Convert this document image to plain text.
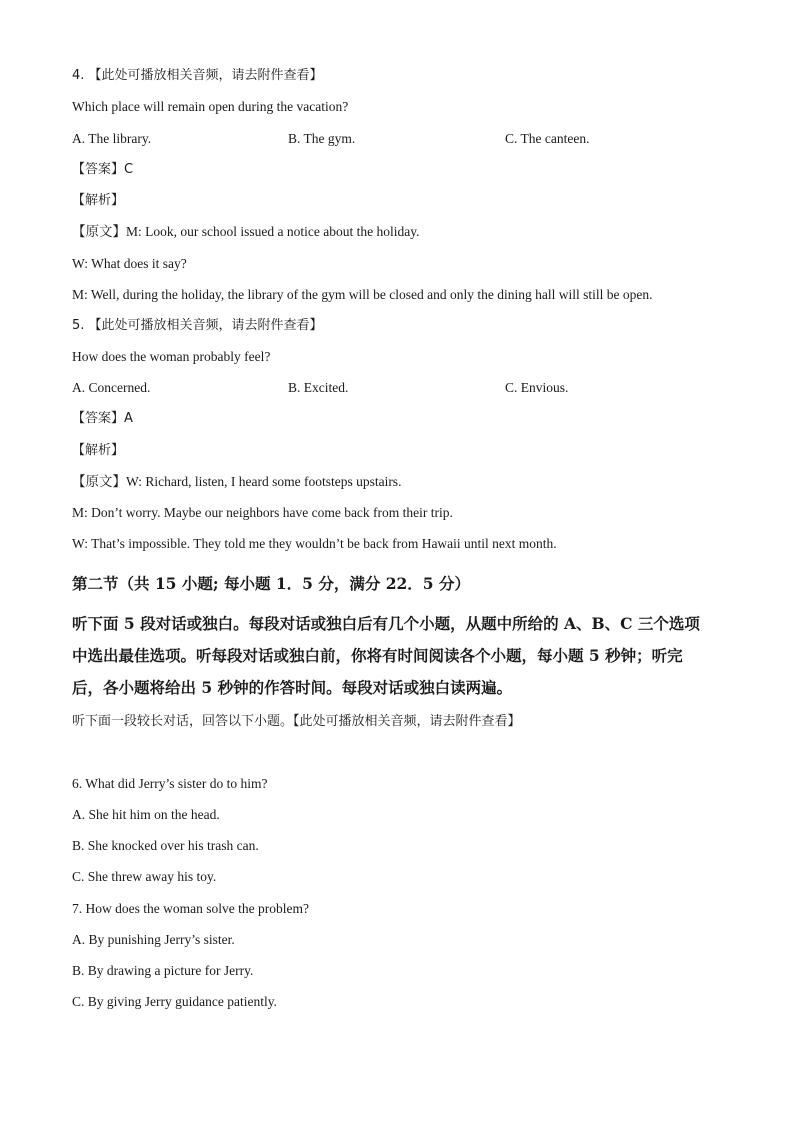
4. 【此处可播放相关音频，请去附件查看】
Which place will remain open during the vacation?
A. The library.	B. The gym.	C. The canteen.
【答案】C
【解析】
【原文】M: Look, our school issued a notice about the holiday.
W: What does it say?
M: Well, during the holiday, the library of the gym will be closed and only the dining hall will still be open.
5. 【此处可播放相关音频，请去附件查看】
How does the woman probably feel?
A. Concerned.	B. Excited.	C. Envious.
【答案】A
【解析】
【原文】W: Richard, listen, I heard some footsteps upstairs.
M: Don’t worry. Maybe our neighbors have come back from their trip.
W: That’s impossible. They told me they wouldn’t be back from Hawaii until next month.
第二节（共 15 小题; 每小题 1．5 分，满分 22．5 分）
听下面 5 段对话或独白。每段对话或独白后有几个小题，从题中所给的 A、B、C 三个选项
中选出最佳选项。听每段对话或独白前，你将有时间阅读各个小题，每小题 5 秒钟；听完
后，各小题将给出 5 秒钟的作答时间。每段对话或独白读两遍。
听下面一段较长对话，回答以下小题。【此处可播放相关音频，请去附件查看】
6. What did Jerry’s sister do to him?
A. She hit him on the head.
B. She knocked over his trash can.
C. She threw away his toy.
7. How does the woman solve the problem?
A. By punishing Jerry’s sister.
B. By drawing a picture for Jerry.
C. By giving Jerry guidance patiently.
